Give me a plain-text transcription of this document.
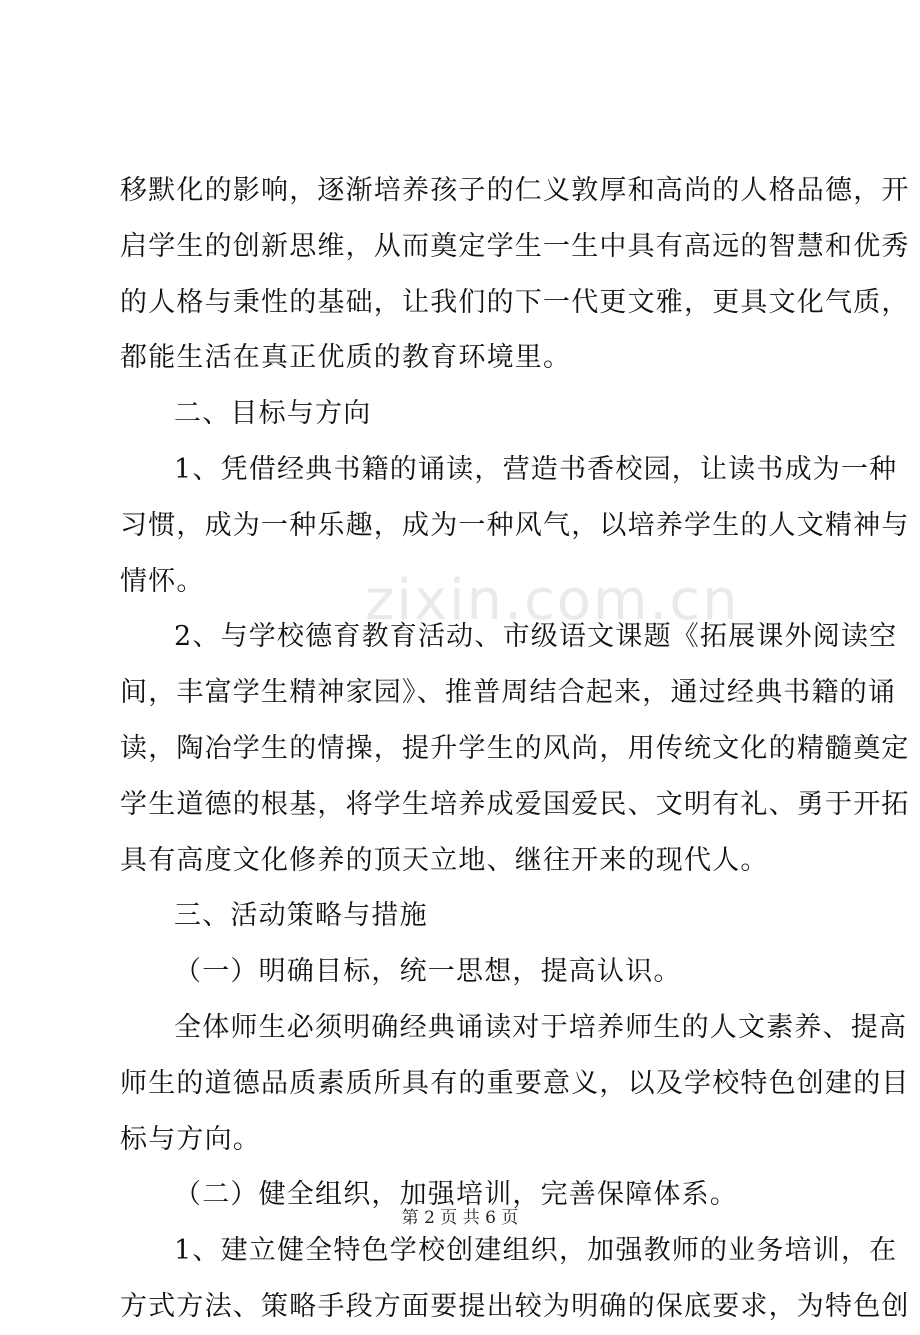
移默化的影响，逐渐培养孩子的仁义敦厚和高尚的人格品德，开
启学生的创新思维，从而奠定学生一生中具有高远的智慧和优秀
的人格与秉性的基础，让我们的下一代更文雅，更具文化气质，
都能生活在真正优质的教育环境里。
二、目标与方向
1、凭借经典书籍的诵读，营造书香校园，让读书成为一种
习惯，成为一种乐趣，成为一种风气，以培养学生的人文精神与
情怀。
2、与学校德育教育活动、市级语文课题《拓展课外阅读空
间，丰富学生精神家园》、推普周结合起来，通过经典书籍的诵
读，陶冶学生的情操，提升学生的风尚，用传统文化的精髓奠定
学生道德的根基，将学生培养成爱国爱民、文明有礼、勇于开拓
具有高度文化修养的顶天立地、继往开来的现代人。
三、活动策略与措施
（一）明确目标，统一思想，提高认识。
全体师生必须明确经典诵读对于培养师生的人文素养、提高
师生的道德品质素质所具有的重要意义，以及学校特色创建的目
标与方向。
（二）健全组织，加强培训，完善保障体系。
1、建立健全特色学校创建组织，加强教师的业务培训，在
方式方法、策略手段方面要提出较为明确的保底要求，为特色创
zixin.com.cn
第 2 页 共 6 页
